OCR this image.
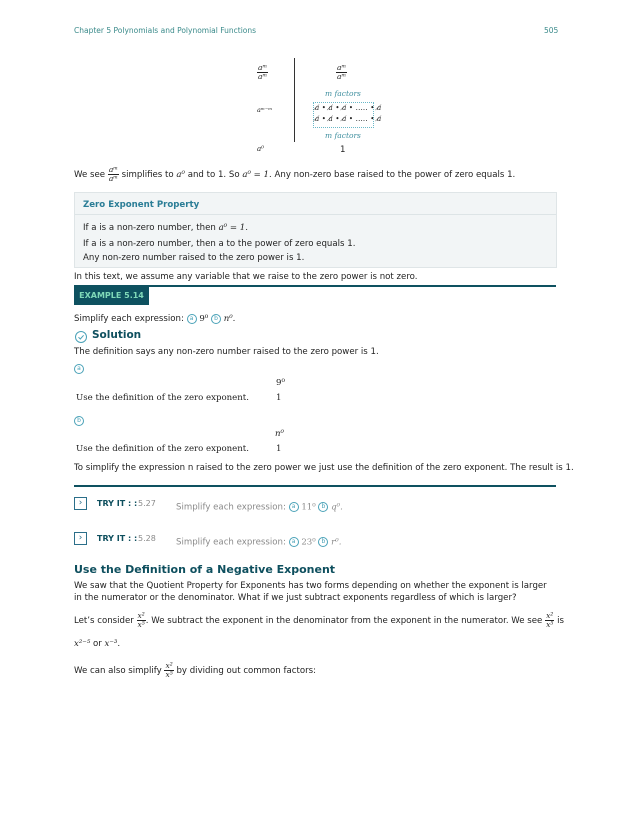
Chapter 5 Polynomials and Polynomial Functions	505
$\frac{\text{aᵐ}}{\text{aᵐ}}$	$\frac{\text{aᵐ}}{\text{aᵐ}}$
m factors
aᵐ⁻ᵐ	a̸ • a̸ • a̸ • ..... • a̸
a̸ • a̸ • a̸ • ..... • a̸
m factors
a⁰	1
We see $\frac{\text{aᵐ}}{\text{aᵐ}}$ simplifies to a⁰ and to 1. So a⁰ = 1. Any non-zero base raised to the power of zero equals 1.
Zero Exponent Property
If a is a non-zero number, then a⁰ = 1.
If a is a non-zero number, then a to the power of zero equals 1.
Any non-zero number raised to the zero power is 1.
In this text, we assume any variable that we raise to the zero power is not zero.
EXAMPLE 5.14
Simplify each expression: a 9⁰ b n⁰.
Solution
The definition says any non-zero number raised to the zero power is 1.
a
9⁰
Use the definition of the zero exponent.	1
b
n⁰
Use the definition of the zero exponent.	1
To simplify the expression n raised to the zero power we just use the definition of the zero exponent. The result is 1.
›	TRY IT : : 5.27 Simplify each expression: a 11⁰ b q⁰.
›	TRY IT : : 5.28 Simplify each expression: a 23⁰ b r⁰.
Use the Definition of a Negative Exponent
We saw that the Quotient Property for Exponents has two forms depending on whether the exponent is larger in the numerator or the denominator. What if we just subtract exponents regardless of which is larger?
Let’s consider $\frac{\text{x²}}{\text{x⁵}}$ . We subtract the exponent in the denominator from the exponent in the numerator. We see $\frac{\text{x²}}{\text{x⁵}}$ is
x²⁻⁵ or x⁻³.
We can also simplify $\frac{\text{x²}}{\text{x⁵}}$ by dividing out common factors:
